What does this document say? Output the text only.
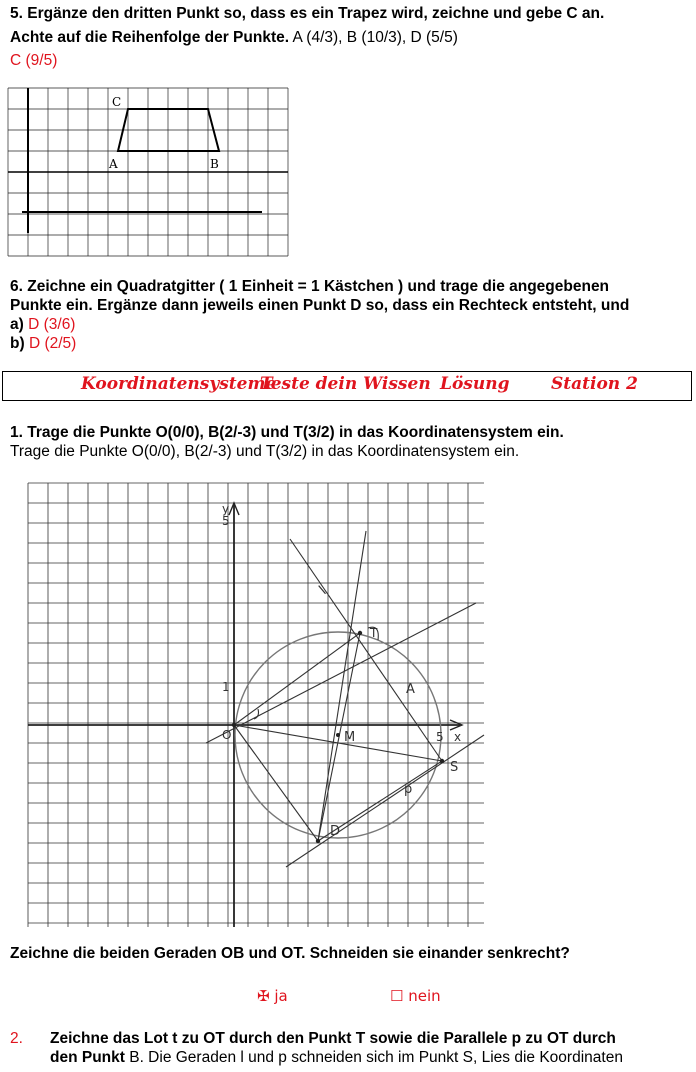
5. Ergänze den dritten Punkt so, dass es ein Trapez wird, zeichne und gebe C an.
Achte auf die Reihenfolge der Punkte. A (4/3), B (10/3), D (5/5)
C (9/5)
C
A	B
6. Zeichne ein Quadratgitter ( 1 Einheit = 1 Kästchen ) und trage die angegebenen
Punkte ein. Ergänze dann jeweils einen Punkt D so, dass ein Rechteck entsteht, und
a) D (3/6)
b) D (2/5)
Koordinatensysteme
Teste dein Wissen Lösung Station 2
1. Trage die Punkte O(0/0), B(2/-3) und T(3/2) in das Koordinatensystem ein.
Trage die Punkte O(0/0), B(2/-3) und T(3/2) in das Koordinatensystem ein.
y
5
1
x
5
O	M
D
T
l
A
p
S
Zeichne die beiden Geraden OB und OT. Schneiden sie einander senkrecht?
✠ ja	☐ nein
2. Zeichne das Lot t zu OT durch den Punkt T sowie die Parallele p zu OT durch
den Punkt B. Die Geraden l und p schneiden sich im Punkt S, Lies die Koordinaten
